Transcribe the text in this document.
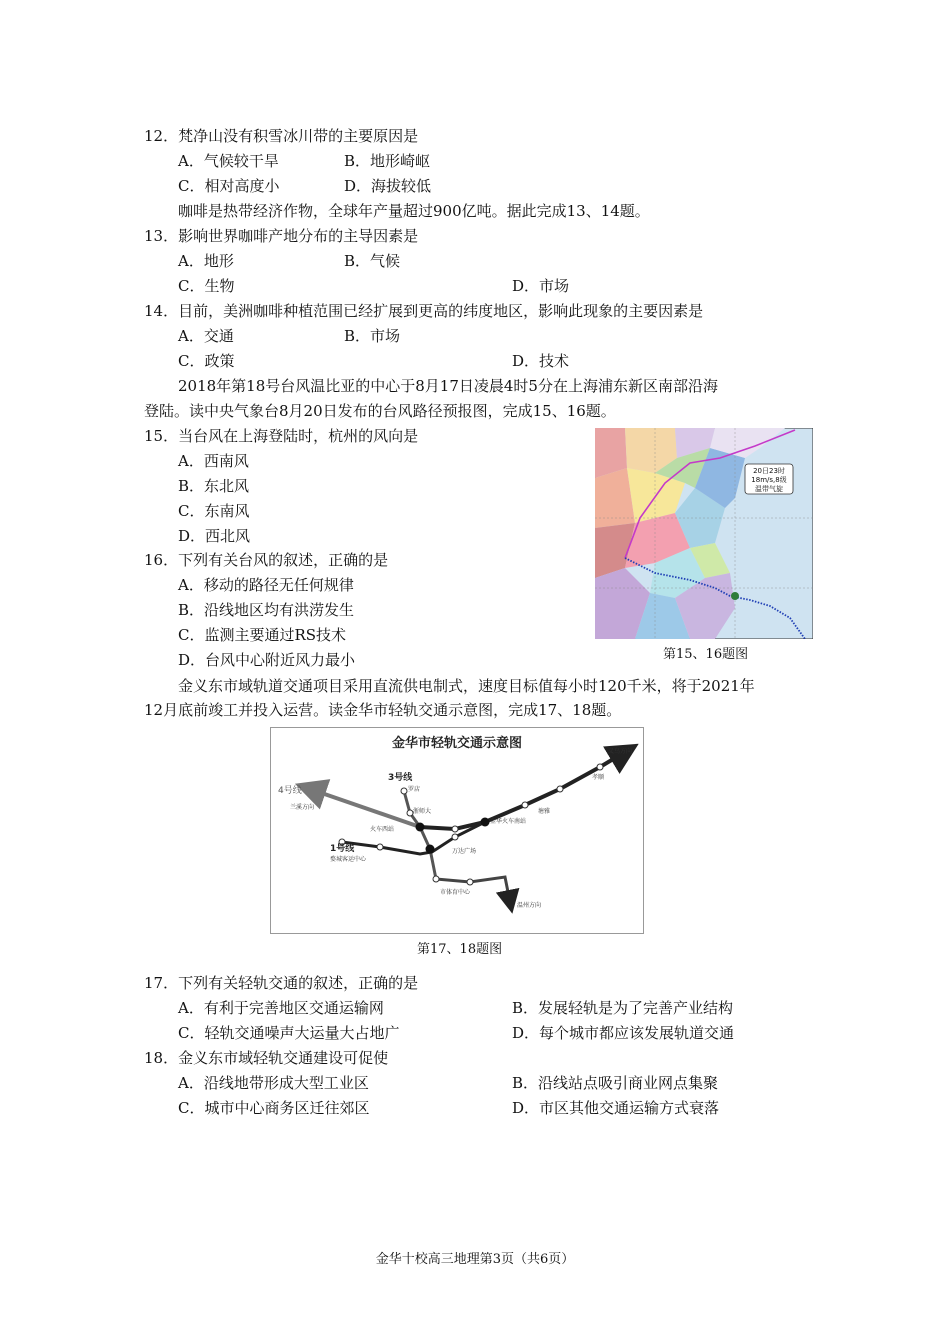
12．梵净山没有积雪冰川带的主要原因是
A．气候较干旱	B．地形崎岖
C．相对高度小	D．海拔较低
咖啡是热带经济作物，全球年产量超过900亿吨。据此完成13、14题。
13．影响世界咖啡产地分布的主导因素是
A．地形	B．气候
C．生物	D．市场
14．目前，美洲咖啡种植范围已经扩展到更高的纬度地区，影响此现象的主要因素是
A．交通	B．市场
C．政策	D．技术
2018年第18号台风温比亚的中心于8月17日凌晨4时5分在上海浦东新区南部沿海
登陆。读中央气象台8月20日发布的台风路径预报图，完成15、16题。
15．当台风在上海登陆时，杭州的风向是
A．西南风
B．东北风
C．东南风
D．西北风
16．下列有关台风的叙述，正确的是
A．移动的路径无任何规律
B．沿线地区均有洪涝发生
C．监测主要通过RS技术
D．台风中心附近风力最小
20日23时
18m/s,8级
温带气旋
第15、16题图
金义东市域轨道交通项目采用直流供电制式，速度目标值每小时120千米，将于2021年
12月底前竣工并投入运营。读金华市轻轨交通示意图，完成17、18题。
金华市轻轨交通示意图
4号线
兰溪方向
3号线
罗店
浙师大
火车西站
金华火车南站
塘雅
孝顺
义乌方向
1号线
婺城客运中心
万达广场
市体育中心
温州方向
第17、18题图
17．下列有关轻轨交通的叙述，正确的是
A．有利于完善地区交通运输网	B．发展轻轨是为了完善产业结构
C．轻轨交通噪声大运量大占地广	D．每个城市都应该发展轨道交通
18．金义东市域轻轨交通建设可促使
A．沿线地带形成大型工业区	B．沿线站点吸引商业网点集聚
C．城市中心商务区迁往郊区	D．市区其他交通运输方式衰落
金华十校高三地理第3页（共6页）
